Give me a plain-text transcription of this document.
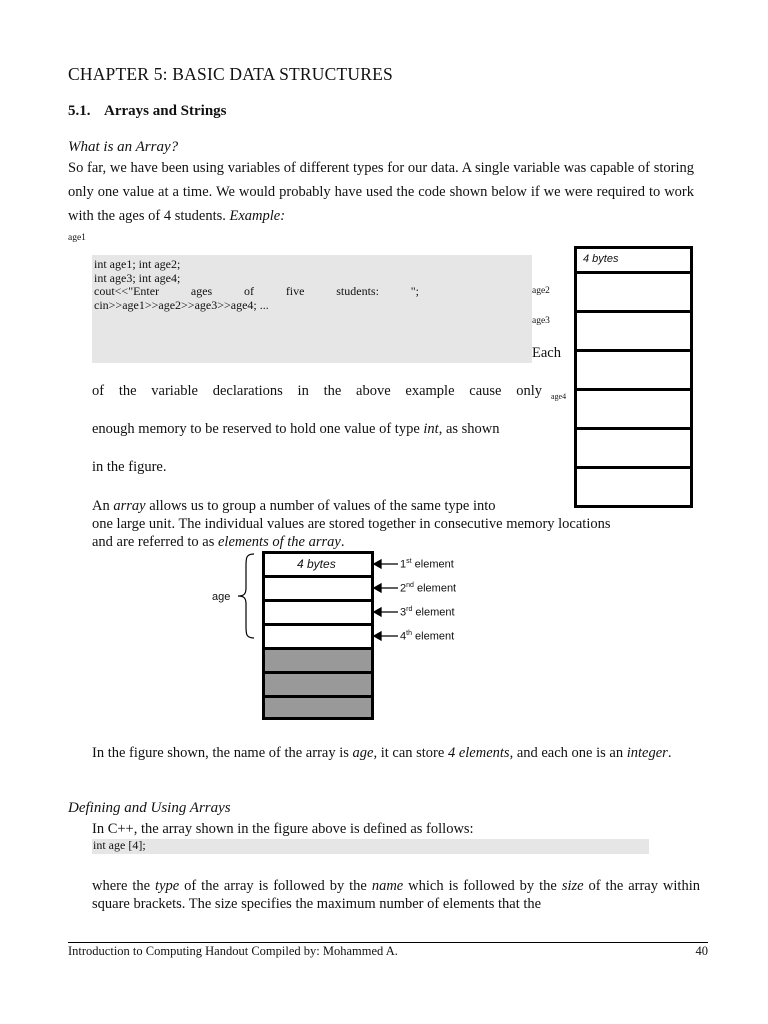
CHAPTER 5: BASIC DATA STRUCTURES
5.1. Arrays and Strings
What is an Array?
So far, we have been using variables of different types for our data. A single variable was capable of storing only one value at a time. We would probably have used the code shown below if we were required to work with the ages of 4 students. Example:
age1
int age1; int age2;
int age3; int age4;
cout<<"Enter	ages	of	five	students:	";
cin>>age1>>age2>>age3>>age4; ...
age2
age3
age4
4 bytes
Each
of the variable declarations in the above example cause only
enough memory to be reserved to hold one value of type int, as shown
in the figure.
An array allows us to group a number of values of the same type into
one large unit. The individual values are stored together in consecutive memory locations
and are referred to as elements of the array.
age
4 bytes	1st element
2nd element
3rd element
4th element
In the figure shown, the name of the array is age, it can store 4 elements, and each one is an integer.
Defining and Using Arrays
In C++, the array shown in the figure above is defined as follows:
int age [4];
where the type of the array is followed by the name which is followed by the size of the array within square brackets. The size specifies the maximum number of elements that the
Introduction to Computing Handout Compiled by: Mohammed A.	40
